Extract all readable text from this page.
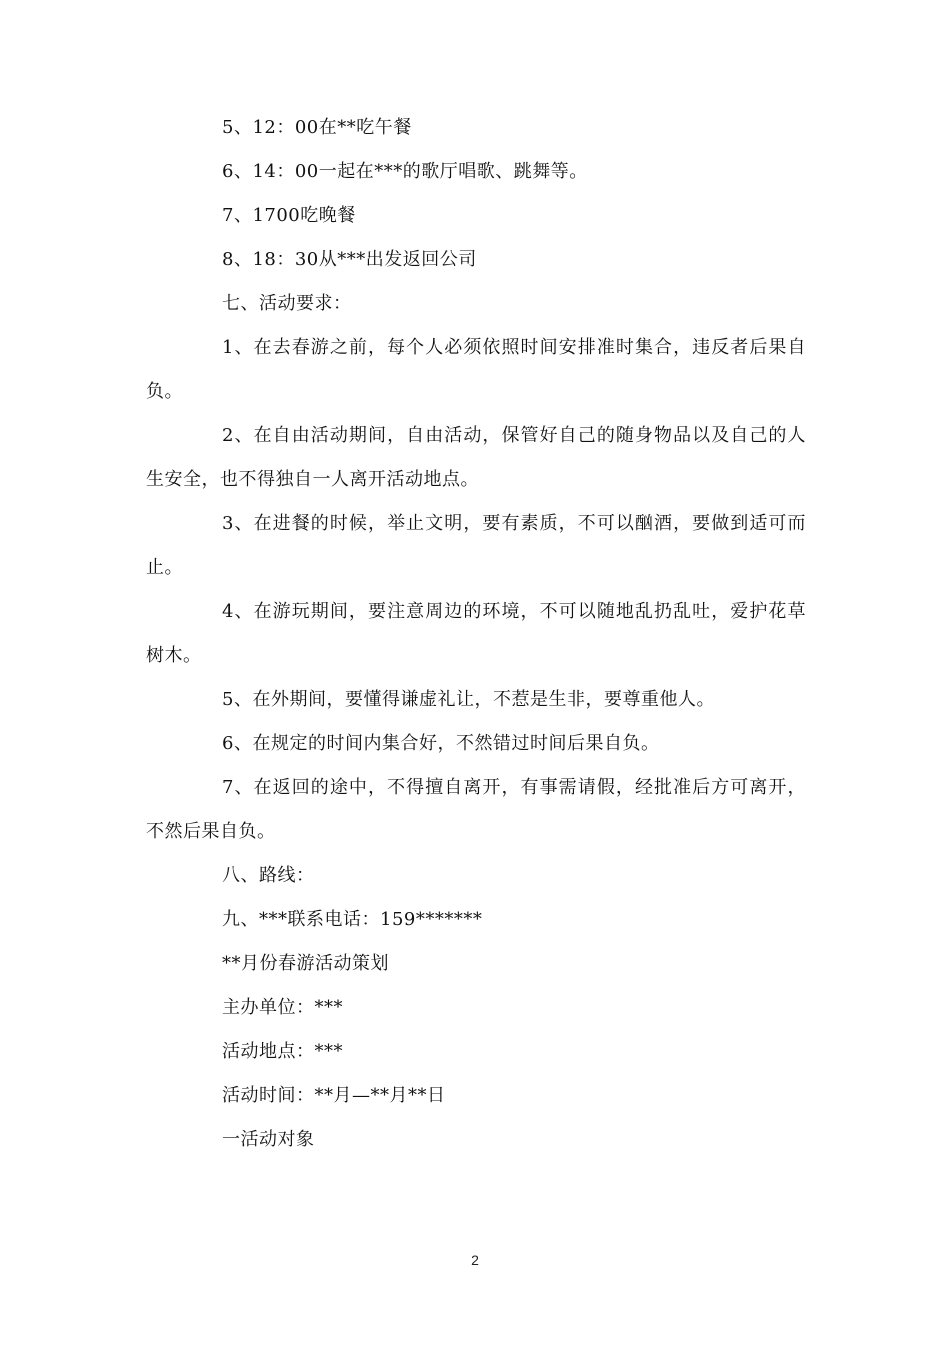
5、12：00在**吃午餐

6、14：00一起在***的歌厅唱歌、跳舞等。

7、1700吃晚餐

8、18：30从***出发返回公司

七、活动要求：

1、在去春游之前，每个人必须依照时间安排准时集合，违反者后果自负。

2、在自由活动期间，自由活动，保管好自己的随身物品以及自己的人生安全，也不得独自一人离开活动地点。

3、在进餐的时候，举止文明，要有素质，不可以酗酒，要做到适可而止。

4、在游玩期间，要注意周边的环境，不可以随地乱扔乱吐，爱护花草树木。

5、在外期间，要懂得谦虚礼让，不惹是生非，要尊重他人。

6、在规定的时间内集合好，不然错过时间后果自负。

7、在返回的途中，不得擅自离开，有事需请假，经批准后方可离开，不然后果自负。

八、路线：

九、***联系电话：159*******

**月份春游活动策划

主办单位：***

活动地点：***

活动时间：**月—**月**日

一活动对象

2
